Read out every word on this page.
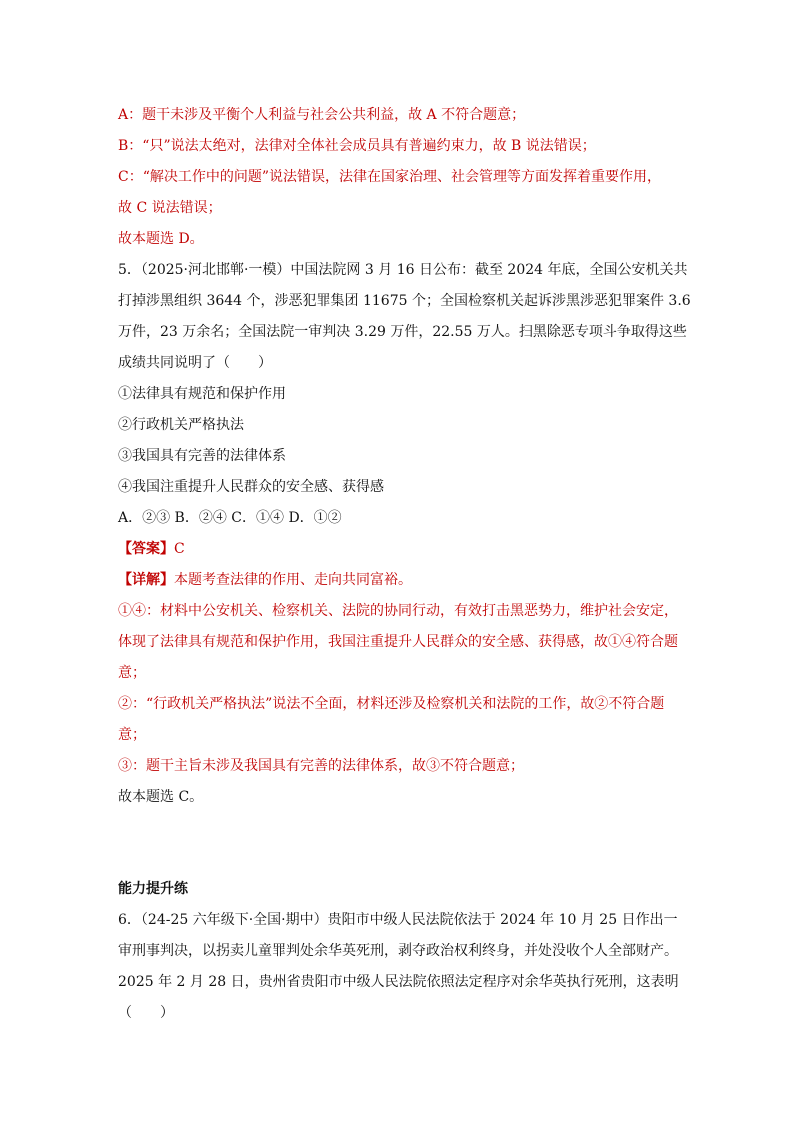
A：题干未涉及平衡个人利益与社会公共利益，故 A 不符合题意；
B：“只”说法太绝对，法律对全体社会成员具有普遍约束力，故 B 说法错误；
C：“解决工作中的问题”说法错误，法律在国家治理、社会管理等方面发挥着重要作用，
故 C 说法错误；
故本题选 D。
5．（2025·河北邯郸·一模）中国法院网 3 月 16 日公布：截至 2024 年底，全国公安机关共
打掉涉黑组织 3644 个，涉恶犯罪集团 11675 个；全国检察机关起诉涉黑涉恶犯罪案件 3.6
万件，23 万余名；全国法院一审判决 3.29 万件，22.55 万人。扫黑除恶专项斗争取得这些
成绩共同说明了（　　）
①法律具有规范和保护作用
②行政机关严格执法
③我国具有完善的法律体系
④我国注重提升人民群众的安全感、获得感
A．②③ B．②④ C．①④ D．①②
【答案】C
【详解】本题考查法律的作用、走向共同富裕。
①④：材料中公安机关、检察机关、法院的协同行动，有效打击黑恶势力，维护社会安定，
体现了法律具有规范和保护作用，我国注重提升人民群众的安全感、获得感，故①④符合题
意；
②：“行政机关严格执法”说法不全面，材料还涉及检察机关和法院的工作，故②不符合题
意；
③：题干主旨未涉及我国具有完善的法律体系，故③不符合题意；
故本题选 C。
能力提升练
6．（24-25 六年级下·全国·期中）贵阳市中级人民法院依法于 2024 年 10 月 25 日作出一
审刑事判决，以拐卖儿童罪判处余华英死刑，剥夺政治权利终身，并处没收个人全部财产。
2025 年 2 月 28 日，贵州省贵阳市中级人民法院依照法定程序对余华英执行死刑，这表明
（　　）
